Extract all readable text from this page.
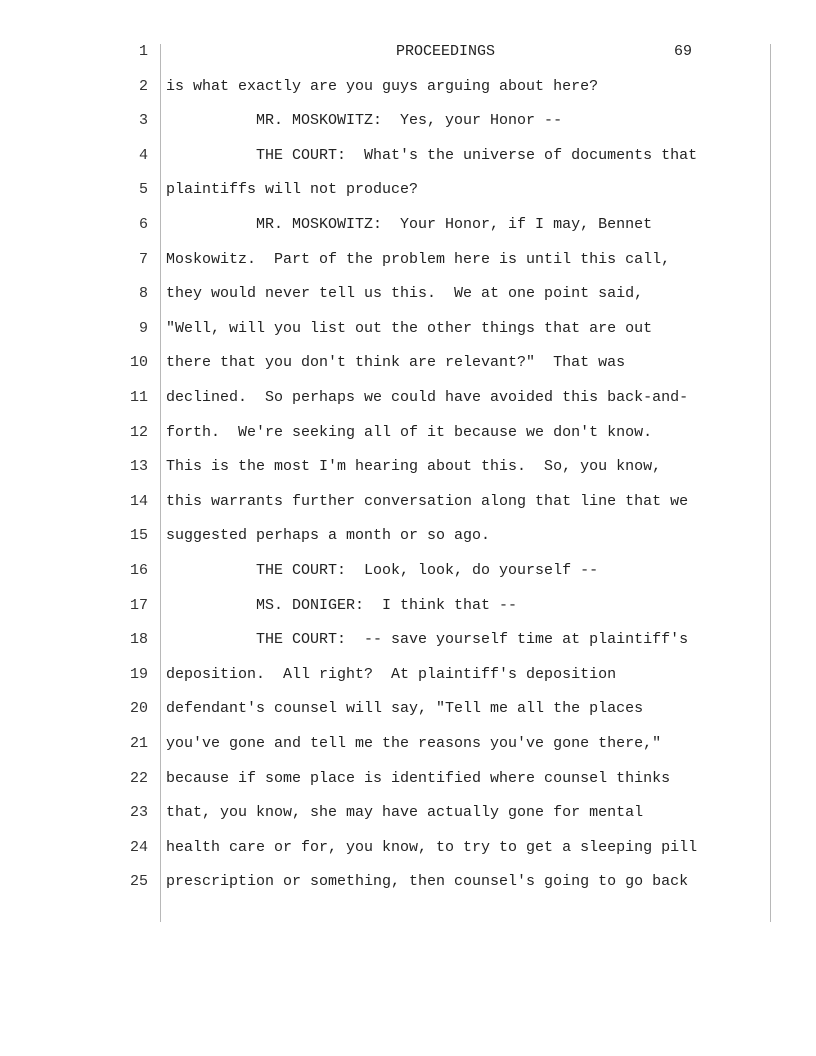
1	PROCEEDINGS	69
2 is what exactly are you guys arguing about here?
3 MR. MOSKOWITZ:  Yes, your Honor --
4 THE COURT:  What's the universe of documents that
5 plaintiffs will not produce?
6 MR. MOSKOWITZ:  Your Honor, if I may, Bennet
7 Moskowitz.  Part of the problem here is until this call,
8 they would never tell us this.  We at one point said,
9 "Well, will you list out the other things that are out
10 there that you don't think are relevant?"  That was
11 declined.  So perhaps we could have avoided this back-and-
12 forth.  We're seeking all of it because we don't know.
13 This is the most I'm hearing about this.  So, you know,
14 this warrants further conversation along that line that we
15 suggested perhaps a month or so ago.
16 THE COURT:  Look, look, do yourself --
17 MS. DONIGER:  I think that --
18 THE COURT:  -- save yourself time at plaintiff's
19 deposition.  All right?  At plaintiff's deposition
20 defendant's counsel will say, "Tell me all the places
21 you've gone and tell me the reasons you've gone there,"
22 because if some place is identified where counsel thinks
23 that, you know, she may have actually gone for mental
24 health care or for, you know, to try to get a sleeping pill
25 prescription or something, then counsel's going to go back
